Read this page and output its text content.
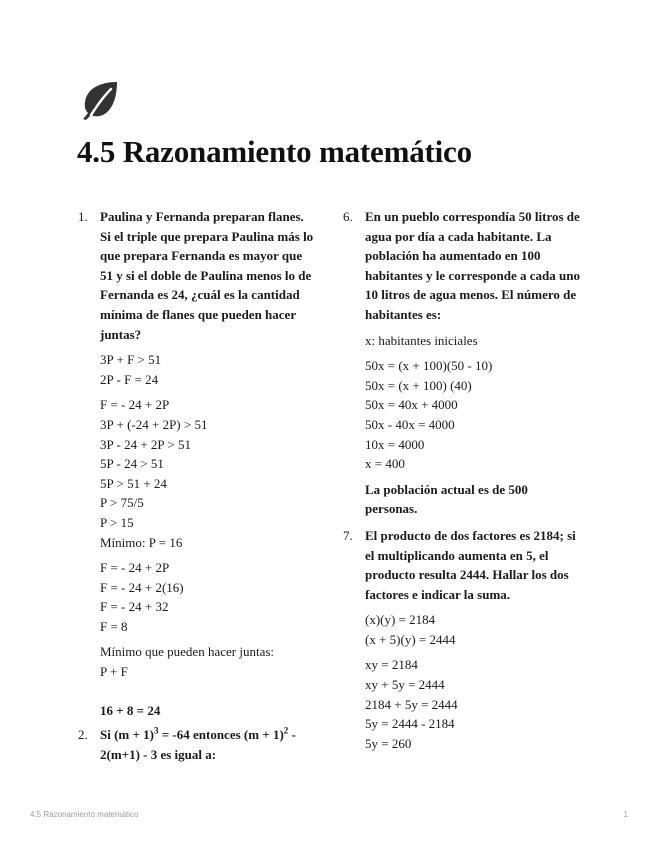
4.5 Razonamiento matemático
1. Paulina y Fernanda preparan flanes.
Si el triple que prepara Paulina más lo
que prepara Fernanda es mayor que
51 y si el doble de Paulina menos lo de
Fernanda es 24, ¿cuál es la cantidad
mínima de flanes que pueden hacer
juntas?
3P + F > 51
2P - F = 24
F = - 24 + 2P
3P + (-24 + 2P) > 51
3P - 24 + 2P > 51
5P - 24 > 51
5P > 51 + 24
P > 75/5
P > 15
Mínimo: P = 16
F = - 24 + 2P
F = - 24 + 2(16)
F = - 24 + 32
F = 8
Mínimo que pueden hacer juntas:
P + F
16 + 8 = 24
2. Si $(m + 1)^3 = -64$ entonces $(m + 1)^2$ -
2(m+1) - 3 es igual a:
6. En un pueblo correspondía 50 litros de
agua por día a cada habitante. La
población ha aumentado en 100
habitantes y le corresponde a cada uno
10 litros de agua menos. El número de
habitantes es:
x: habitantes iniciales
50x = (x + 100)(50 - 10)
50x = (x + 100) (40)
50x = 40x + 4000
50x - 40x = 4000
10x = 4000
x = 400
La población actual es de 500
personas.
7. El producto de dos factores es 2184; si
el multiplicando aumenta en 5, el
producto resulta 2444. Hallar los dos
factores e indicar la suma.
(x)(y) = 2184
(x + 5)(y) = 2444
xy = 2184
xy + 5y = 2444
2184 + 5y = 2444
5y = 2444 - 2184
5y = 260
4.5 Razonamiento matemático	1
